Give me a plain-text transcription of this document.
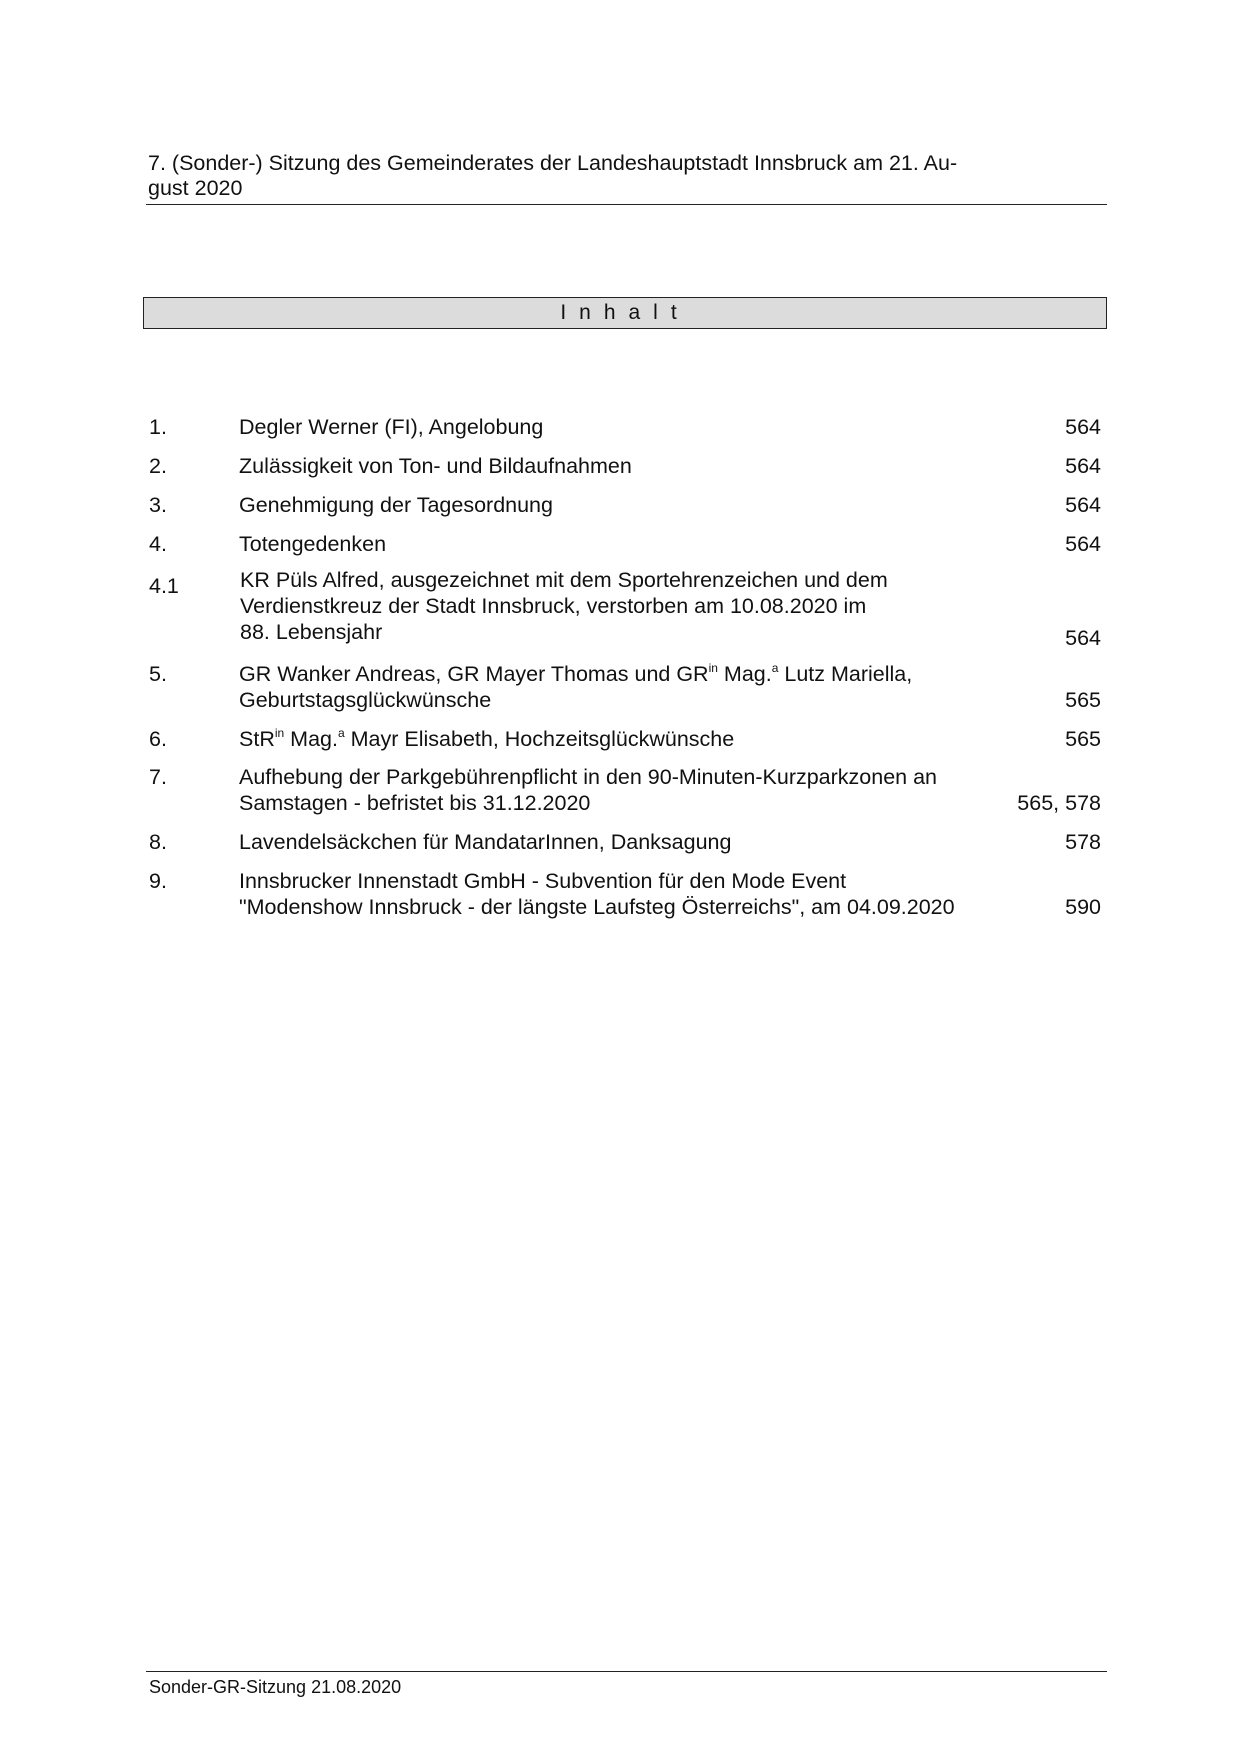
7. (Sonder-) Sitzung des Gemeinderates der Landeshauptstadt Innsbruck am 21. Au-
gust 2020
Inhalt
1.	Degler Werner (FI), Angelobung	564
2.	Zulässigkeit von Ton- und Bildaufnahmen	564
3.	Genehmigung der Tagesordnung	564
4.	Totengedenken	564
4.1	KR Püls Alfred, ausgezeichnet mit dem Sportehrenzeichen und dem
Verdienstkreuz der Stadt Innsbruck, verstorben am 10.08.2020 im
88. Lebensjahr	564
5.	GR Wanker Andreas, GR Mayer Thomas und $GR^{in}$ Mag.$^a$ Lutz Mariella,
Geburtstagsglückwünsche	565
6.	StR$^{in}$ Mag.$^a$ Mayr Elisabeth, Hochzeitsglückwünsche	565
7.	Aufhebung der Parkgebührenpflicht in den 90-Minuten-Kurzparkzonen an
Samstagen - befristet bis 31.12.2020	565, 578
8.	Lavendelsäckchen für MandatarInnen, Danksagung	578
9.	Innsbrucker Innenstadt GmbH - Subvention für den Mode Event
"Modenshow Innsbruck - der längste Laufsteg Österreichs", am 04.09.2020	590
Sonder-GR-Sitzung 21.08.2020
